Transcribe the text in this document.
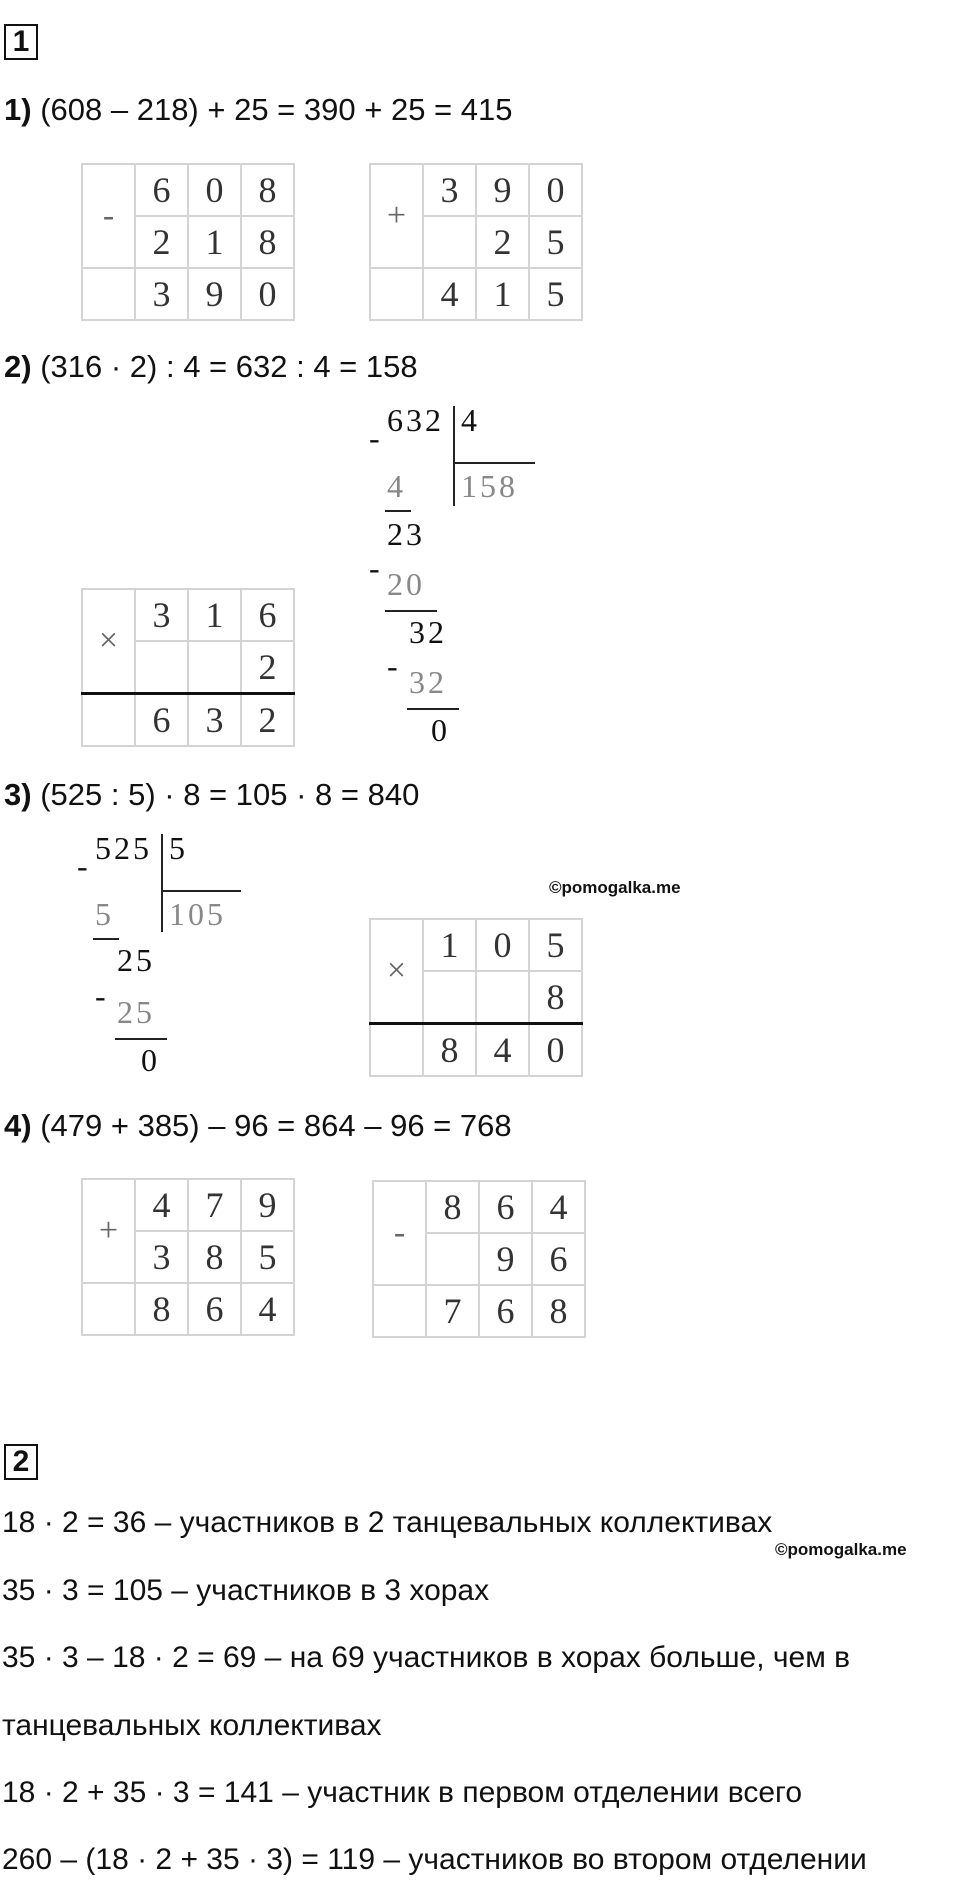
1
1) (608 – 218) + 25 = 390 + 25 = 415
-	6	0	8
	2	1	8
	3	9	0
+	3	9	0
		2	5
	4	1	5
2) (316 · 2) : 4 = 632 : 4 = 158
- 632 4
158
4
23
- 20
32
- 32
0
×	3	1	6
			2
	6	3	2
3) (525 : 5) · 8 = 105 · 8 = 840
- 525 5
105
5
25
- 25
0
©pomogalka.me
×	1	0	5
			8
	8	4	0
4) (479 + 385) – 96 = 864 – 96 = 768
+	4	7	9
	3	8	5
	8	6	4
-	8	6	4
		9	6
	7	6	8
2
18 · 2 = 36 – участников в 2 танцевальных коллективах
©pomogalka.me
35 · 3 = 105 – участников в 3 хорах
35 · 3 – 18 · 2 = 69 – на 69 участников в хорах больше, чем в
танцевальных коллективах
18 · 2 + 35 · 3 = 141 – участник в первом отделении всего
260 – (18 · 2 + 35 · 3) = 119 – участников во втором отделении
